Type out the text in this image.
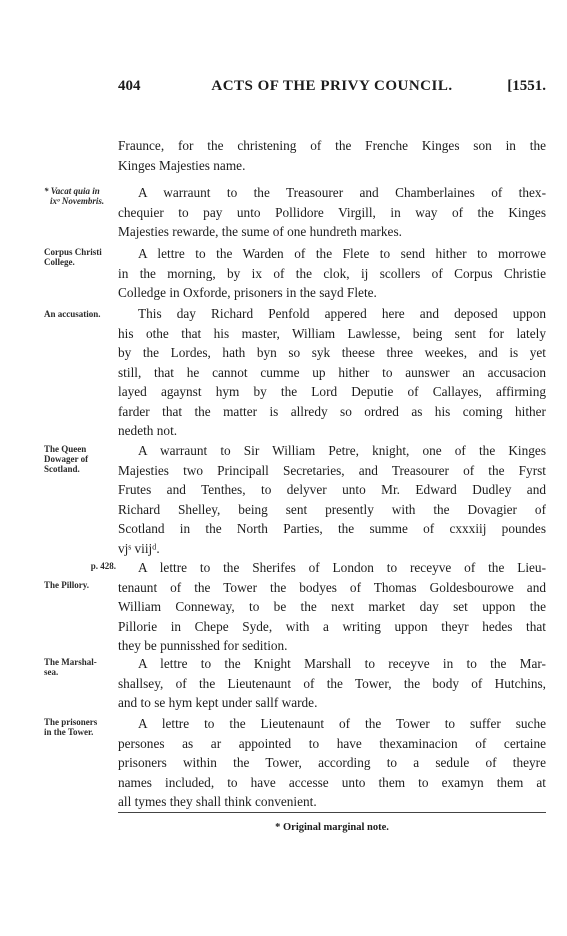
404	ACTS OF THE PRIVY COUNCIL.	[1551.
Fraunce, for the christening of the Frenche Kinges son in the
Kinges Majesties name.
* Vacat quia in
ixᵒ Novembris.
A warraunt to the Treasourer and Chamberlaines of thex-
chequier to pay unto Pollidore Virgill, in way of the Kinges
Majesties rewarde, the sume of one hundreth markes.
Corpus Christi
College.
A lettre to the Warden of the Flete to send hither to morrowe
in the morning, by ix of the clok, ij scollers of Corpus Christie
Colledge in Oxforde, prisoners in the sayd Flete.
An accusation.	This day Richard Penfold appered here and deposed uppon
his othe that his master, William Lawlesse, being sent for lately
by the Lordes, hath byn so syk theese three weekes, and is yet
still, that he cannot cumme up hither to aunswer an accusacion
layed agaynst hym by the Lord Deputie of Callayes, affirming
farder that the matter is allredy so ordred as his coming hither
nedeth not.
The Queen
Dowager of
Scotland.
A warraunt to Sir William Petre, knight, one of the Kinges
Majesties two Principall Secretaries, and Treasourer of the Fyrst
Frutes and Tenthes, to delyver unto Mr. Edward Dudley and
Richard Shelley, being sent presently with the Dovagier of
Scotland in the North Parties, the summe of cxxxiij poundes
vjˢ viijᵈ.
p. 428.
The Pillory.
A lettre to the Sherifes of London to receyve of the Lieu-
tenaunt of the Tower the bodyes of Thomas Goldesbourowe and
William Conneway, to be the next market day set uppon the
Pillorie in Chepe Syde, with a writing uppon theyr hedes that
they be punnisshed for sedition.
The Marshal-
sea.
A lettre to the Knight Marshall to receyve in to the Mar-
shallsey, of the Lieutenaunt of the Tower, the body of Hutchins,
and to se hym kept under sallf warde.
The prisoners
in the Tower.
A lettre to the Lieutenaunt of the Tower to suffer suche
persones as ar appointed to have thexaminacion of certaine
prisoners within the Tower, according to a sedule of theyre
names included, to have accesse unto them to examyn them at
all tymes they shall think convenient.
* Original marginal note.
